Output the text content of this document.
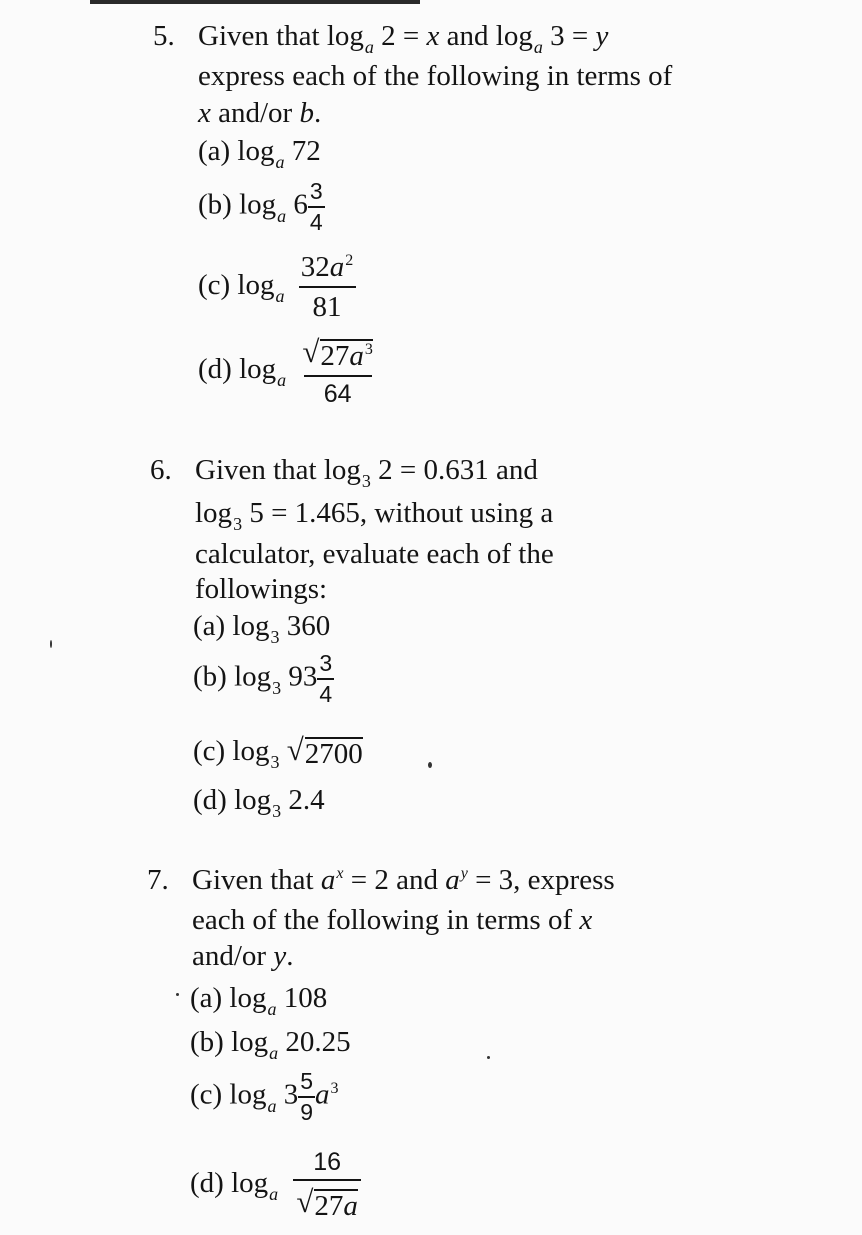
5. Given that $\log_a 2 = x$ and $\log_a 3 = y$
express each of the following in terms of
x and/or b.
(a) $\log_a 72$
(b) $\log_a 6 \frac{3}{4}$
(c) $\log_a \frac{32a^2}{81}$
(d) $\log_a \frac{√ 27a^3}{64}$
6. Given that $\log_3 2 = 0.631$ and
$\log_3 5 = 1.465$, without using a
calculator, evaluate each of the
followings:
(a) $\log_3 360$
(b) $\log_3 93 \frac{3}{4}$
(c) $\log_3$ √ 2700
(d) $\log_3 2.4$
7. Given that $a^x = 2$ and $a^y = 3$, express
each of the following in terms of x
and/or y.
(a) $\log_a 108$
(b) $\log_a 20.25$
(c) $\log_a 3 \frac{5}{9} a^3$
(d) $\log_a \frac{16}{√ 27a}$
